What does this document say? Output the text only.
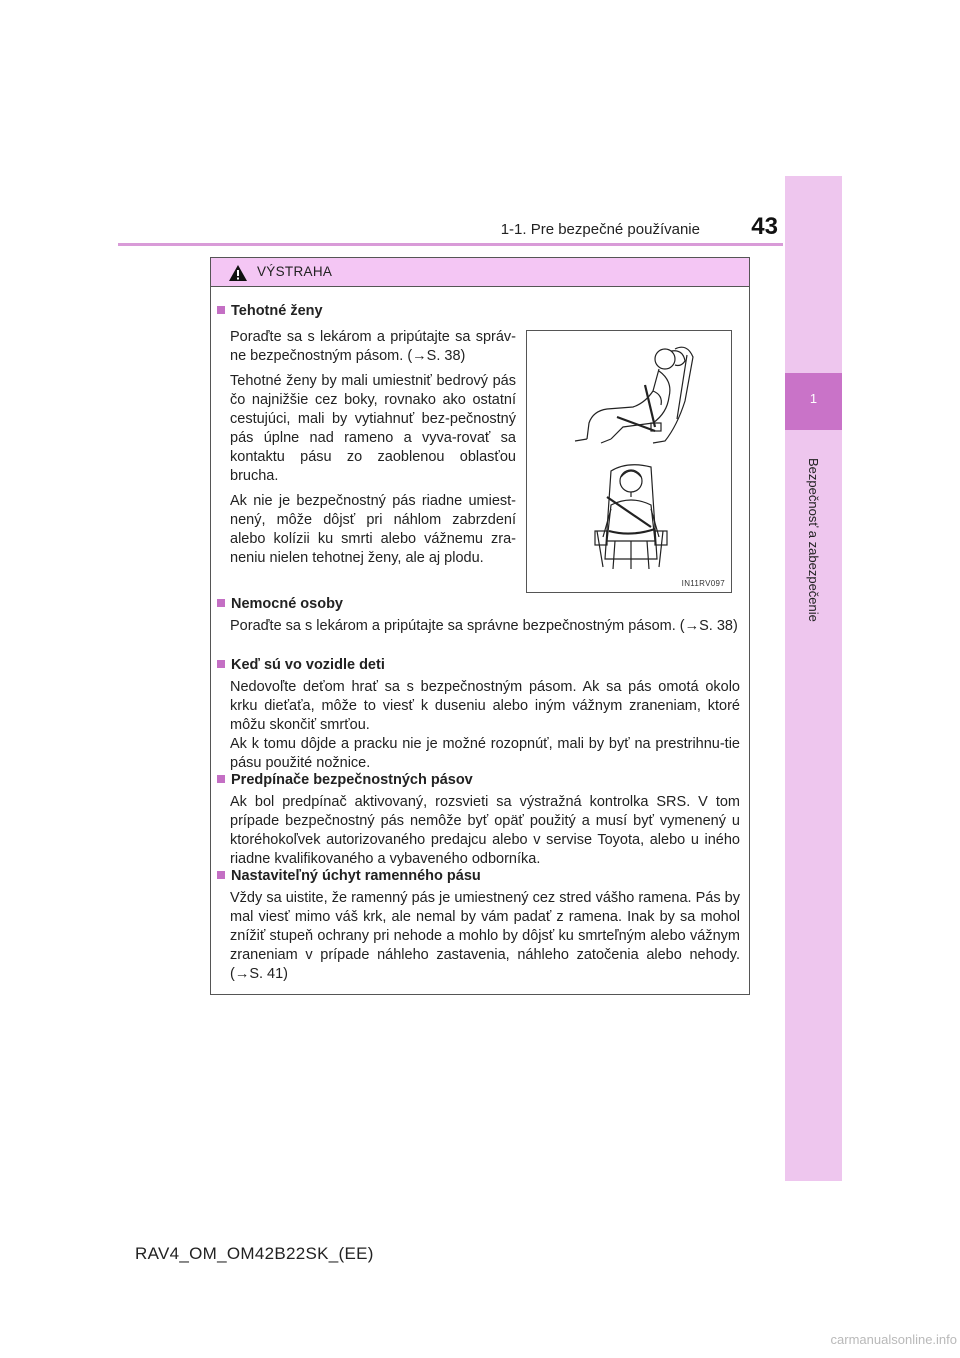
1-1. Pre bezpečné používanie	43
1
Bezpečnosť a zabezpečenie
VÝSTRAHA
Tehotné ženy
Poraďte sa s lekárom a pripútajte sa správ-ne bezpečnostným pásom. (→S. 38)
Tehotné ženy by mali umiestniť bedrový pás čo najnižšie cez boky, rovnako ako ostatní cestujúci, mali by vytiahnuť bez-pečnostný pás úplne nad rameno a vyva-rovať sa kontaktu pásu zo zaoblenou oblasťou brucha.
Ak nie je bezpečnostný pás riadne umiest-nený, môže dôjsť pri náhlom zabrzdení alebo kolízii ku smrti alebo vážnemu zra-neniu nielen tehotnej ženy, ale aj plodu.
IN11RV097
Nemocné osoby
Poraďte sa s lekárom a pripútajte sa správne bezpečnostným pásom. (→S. 38)
Keď sú vo vozidle deti
Nedovoľte deťom hrať sa s bezpečnostným pásom. Ak sa pás omotá okolo krku dieťaťa, môže to viesť k duseniu alebo iným vážnym zraneniam, ktoré môžu skončiť smrťou.
Ak k tomu dôjde a pracku nie je možné rozopnúť, mali by byť na prestrihnu-tie pásu použité nožnice.
Predpínače bezpečnostných pásov
Ak bol predpínač aktivovaný, rozsvieti sa výstražná kontrolka SRS. V tom prípade bezpečnostný pás nemôže byť opäť použitý a musí byť vymenený u ktoréhokoľvek autorizovaného predajcu alebo v servise Toyota, alebo u iného riadne kvalifikovaného a vybaveného odborníka.
Nastaviteľný úchyt ramenného pásu
Vždy sa uistite, že ramenný pás je umiestnený cez stred vášho ramena. Pás by mal viesť mimo váš krk, ale nemal by vám padať z ramena. Inak by sa mohol znížiť stupeň ochrany pri nehode a mohlo by dôjsť ku smrteľným alebo vážnym zraneniam v prípade náhleho zastavenia, náhleho zatočenia alebo nehody. (→S. 41)
RAV4_OM_OM42B22SK_(EE)
carmanualsonline.info
